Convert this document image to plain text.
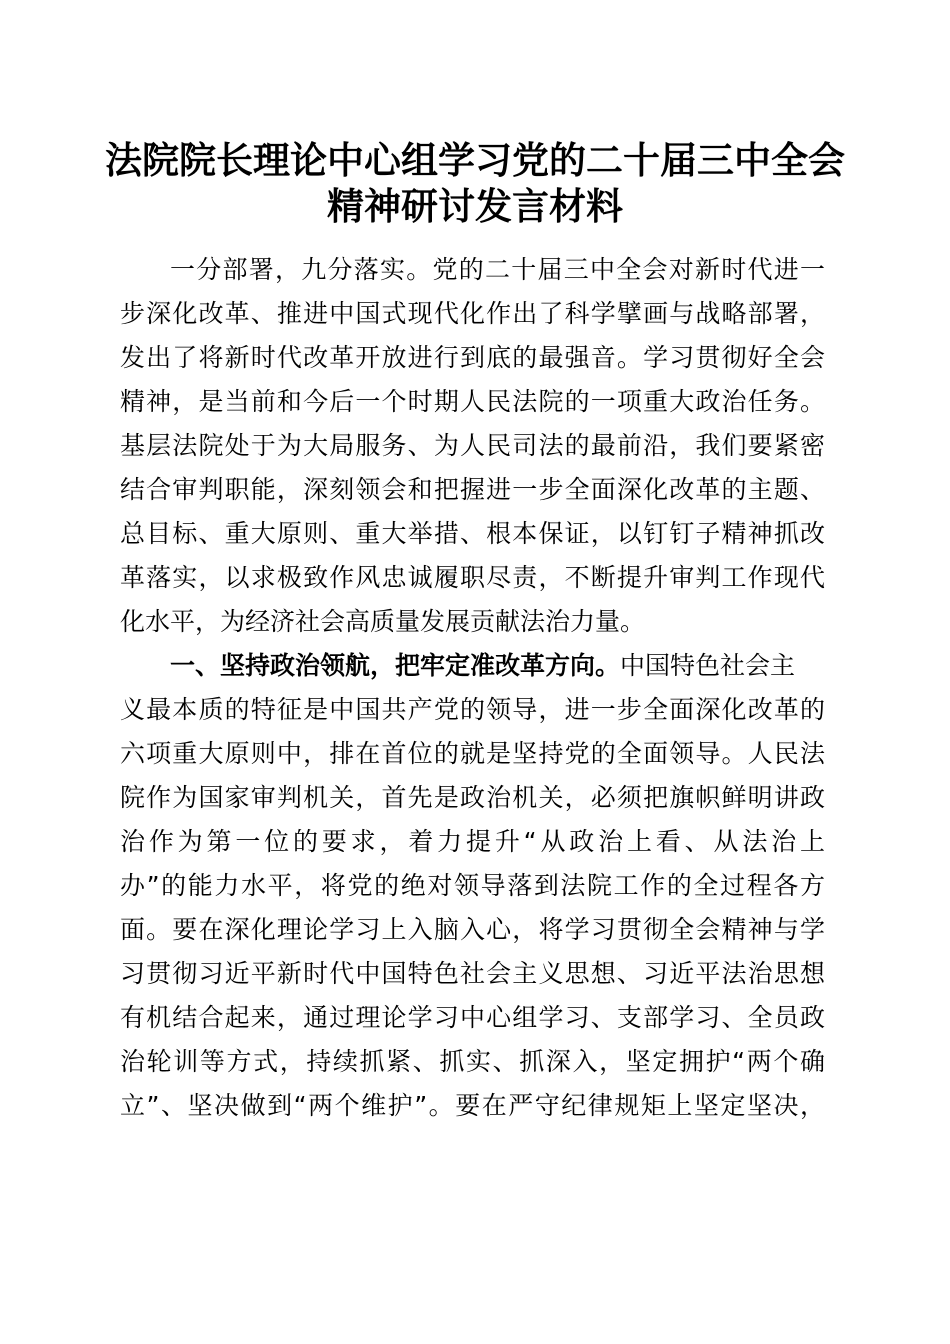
法院院长理论中心组学习党的二十届三中全会
精神研讨发言材料
一分部署，九分落实。党的二十届三中全会对新时代进一
步深化改革、推进中国式现代化作出了科学擘画与战略部署，
发出了将新时代改革开放进行到底的最强音。学习贯彻好全会
精神，是当前和今后一个时期人民法院的一项重大政治任务。
基层法院处于为大局服务、为人民司法的最前沿，我们要紧密
结合审判职能，深刻领会和把握进一步全面深化改革的主题、
总目标、重大原则、重大举措、根本保证，以钉钉子精神抓改
革落实，以求极致作风忠诚履职尽责，不断提升审判工作现代
化水平，为经济社会高质量发展贡献法治力量。
一、坚持政治领航，把牢定准改革方向。中国特色社会主
义最本质的特征是中国共产党的领导，进一步全面深化改革的
六项重大原则中，排在首位的就是坚持党的全面领导。人民法
院作为国家审判机关，首先是政治机关，必须把旗帜鲜明讲政
治作为第一位的要求，着力提升“从政治上看、从法治上
办”的能力水平，将党的绝对领导落到法院工作的全过程各方
面。要在深化理论学习上入脑入心，将学习贯彻全会精神与学
习贯彻习近平新时代中国特色社会主义思想、习近平法治思想
有机结合起来，通过理论学习中心组学习、支部学习、全员政
治轮训等方式，持续抓紧、抓实、抓深入，坚定拥护“两个确
立”、坚决做到“两个维护”。要在严守纪律规矩上坚定坚决，
